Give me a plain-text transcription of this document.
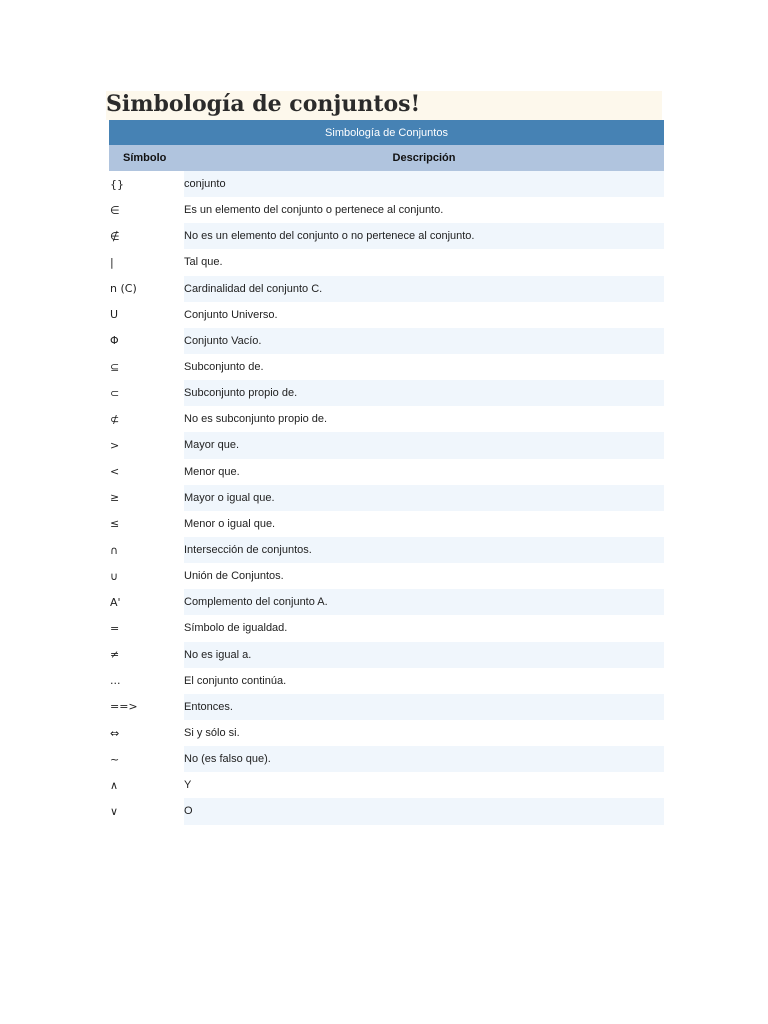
Simbología de conjuntos!
Simbología de Conjuntos	
Símbolo	Descripción
{}	conjunto
∈	Es un elemento del conjunto o pertenece al conjunto.
∉	No es un elemento del conjunto o no pertenece al conjunto.
|	Tal que.
n (C)	Cardinalidad del conjunto C.
U	Conjunto Universo.
Φ	Conjunto Vacío.
⊆	Subconjunto de.
⊂	Subconjunto propio de.
⊄	No es subconjunto propio de.
>	Mayor que.
<	Menor que.
≥	Mayor o igual que.
≤	Menor o igual que.
∩	Intersección de conjuntos.
∪	Unión de Conjuntos.
A'	Complemento del conjunto A.
=	Símbolo de igualdad.
≠	No es igual a.
...	El conjunto continúa.
==>	Entonces.
⇔	Si y sólo si.
~	No (es falso que).
∧	Y
∨	O
